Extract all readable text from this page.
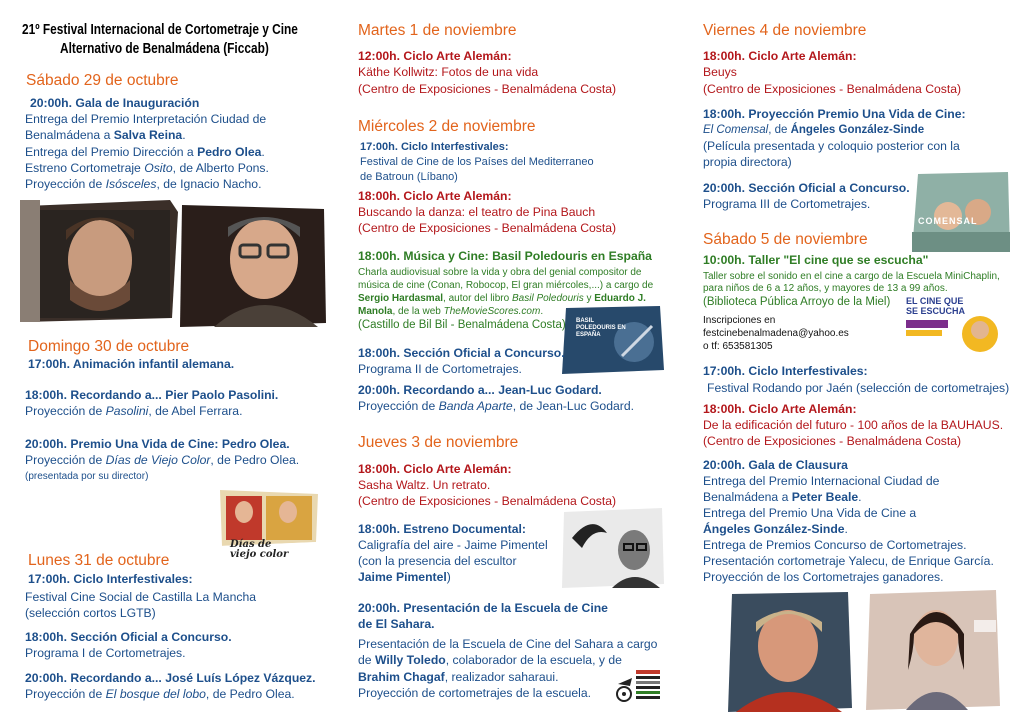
21º Festival Internacional de Cortometraje y Cine
Alternativo de Benalmádena (Ficcab)
Sábado 29 de octubre
20:00h. Gala de Inauguración
Entrega del Premio Interpretación Ciudad de
Benalmádena a Salva Reina.
Entrega del Premio Dirección a Pedro Olea.
Estreno Cortometraje Osito, de Alberto Pons.
Proyección de Isósceles, de Ignacio Nacho.
Domingo 30 de octubre
17:00h. Animación infantil alemana.
18:00h. Recordando a... Pier Paolo Pasolini.
Proyección de Pasolini, de Abel Ferrara.
20:00h. Premio Una Vida de Cine: Pedro Olea.
Proyección de Días de Viejo Color, de Pedro Olea.
(presentada por su director)
Días de viejo color
Lunes 31 de octubre
17:00h. Ciclo Interfestivales:
Festival Cine Social de Castilla La Mancha
(selección cortos LGTB)
18:00h. Sección Oficial a Concurso.
Programa I de Cortometrajes.
20:00h. Recordando a... José Luís López Vázquez.
Proyección de El bosque del lobo, de Pedro Olea.
Martes 1 de noviembre
12:00h. Ciclo Arte Alemán:
Käthe Kollwitz: Fotos de una vida
(Centro de Exposiciones - Benalmádena Costa)
Miércoles 2 de noviembre
17:00h. Ciclo Interfestivales:
Festival de Cine de los Países del Mediterraneo
de Batroun (Líbano)
18:00h. Ciclo Arte Alemán:
Buscando la danza: el teatro de Pina Bauch
(Centro de Exposiciones - Benalmádena Costa)
18:00h. Música y Cine: Basil Poledouris en España
Charla audiovisual sobre la vida y obra del genial compositor de
música de cine (Conan, Robocop, El gran miércoles,...) a cargo de
Sergio Hardasmal, autor del libro Basil Poledouris y Eduardo J.
Manola, de la web TheMovieScores.com.
(Castillo de Bil Bil - Benalmádena Costa) BASIL POLEDOURIS EN ESPAÑA
18:00h. Sección Oficial a Concurso.
Programa II de Cortometrajes.
20:00h. Recordando a... Jean-Luc Godard.
Proyección de Banda Aparte, de Jean-Luc Godard.
Jueves 3 de noviembre
18:00h. Ciclo Arte Alemán:
Sasha Waltz. Un retrato.
(Centro de Exposiciones - Benalmádena Costa)
18:00h. Estreno Documental:
Caligrafía del aire - Jaime Pimentel
(con la presencia del escultor
Jaime Pimentel)
20:00h. Presentación de la Escuela de Cine
de El Sahara.
Presentación de la Escuela de Cine del Sahara a cargo
de Willy Toledo, colaborador de la escuela, y de
Brahim Chagaf, realizador saharaui.
Proyección de cortometrajes de la escuela.
Viernes 4 de noviembre
18:00h. Ciclo Arte Alemán:
Beuys
(Centro de Exposiciones - Benalmádena Costa)
18:00h. Proyección Premio Una Vida de Cine:
El Comensal, de Ángeles González-Sinde
(Película presentada y coloquio posterior con la
propia directora)
COMENSAL
20:00h. Sección Oficial a Concurso.
Programa III de Cortometrajes.
Sábado 5 de noviembre
10:00h. Taller "El cine que se escucha"
Taller sobre el sonido en el cine a cargo de la Escuela MiniChaplin,
para niños de 6 a 12 años, y mayores de 13 a 99 años.
(Biblioteca Pública Arroyo de la Miel)
Inscripciones en
festcinebenalmadena@yahoo.es
o tf: 653581305
EL CINE QUE SE ESCUCHA
17:00h. Ciclo Interfestivales:
Festival Rodando por Jaén (selección de cortometrajes)
18:00h. Ciclo Arte Alemán:
De la edificación del futuro - 100 años de la BAUHAUS.
(Centro de Exposiciones - Benalmádena Costa)
20:00h. Gala de Clausura
Entrega del Premio Internacional Ciudad de
Benalmádena a Peter Beale.
Entrega del Premio Una Vida de Cine a
Ángeles González-Sinde.
Entrega de Premios Concurso de Cortometrajes.
Presentación cortometraje Yalecu, de Enrique García.
Proyección de los Cortometrajes ganadores.
